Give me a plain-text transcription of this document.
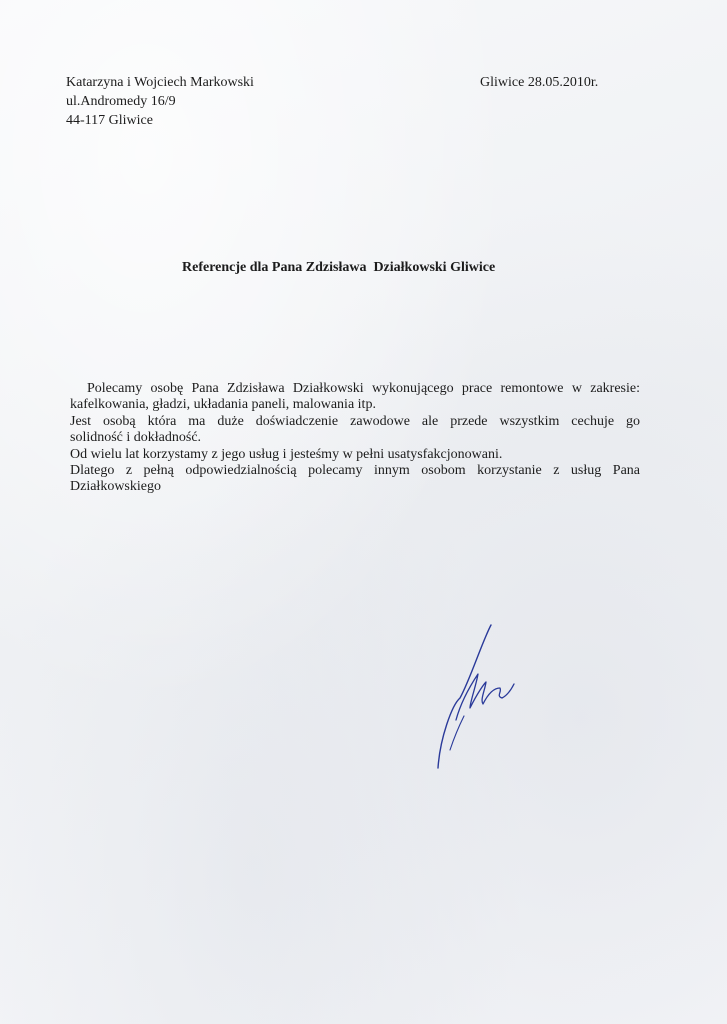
Katarzyna i Wojciech Markowski
ul.Andromedy 16/9
44-117 Gliwice
Gliwice 28.05.2010r.
Referencje dla Pana Zdzisława  Działkowski Gliwice
Polecamy osobę Pana Zdzisława Działkowski wykonującego prace remontowe w zakresie:
kafelkowania, gładzi, układania paneli, malowania itp.
Jest osobą która ma duże doświadczenie zawodowe ale przede wszystkim cechuje go
solidność i dokładność.
Od wielu lat korzystamy z jego usług i jesteśmy w pełni usatysfakcjonowani.
Dlatego z pełną odpowiedzialnością polecamy innym osobom korzystanie z usług Pana
Działkowskiego
